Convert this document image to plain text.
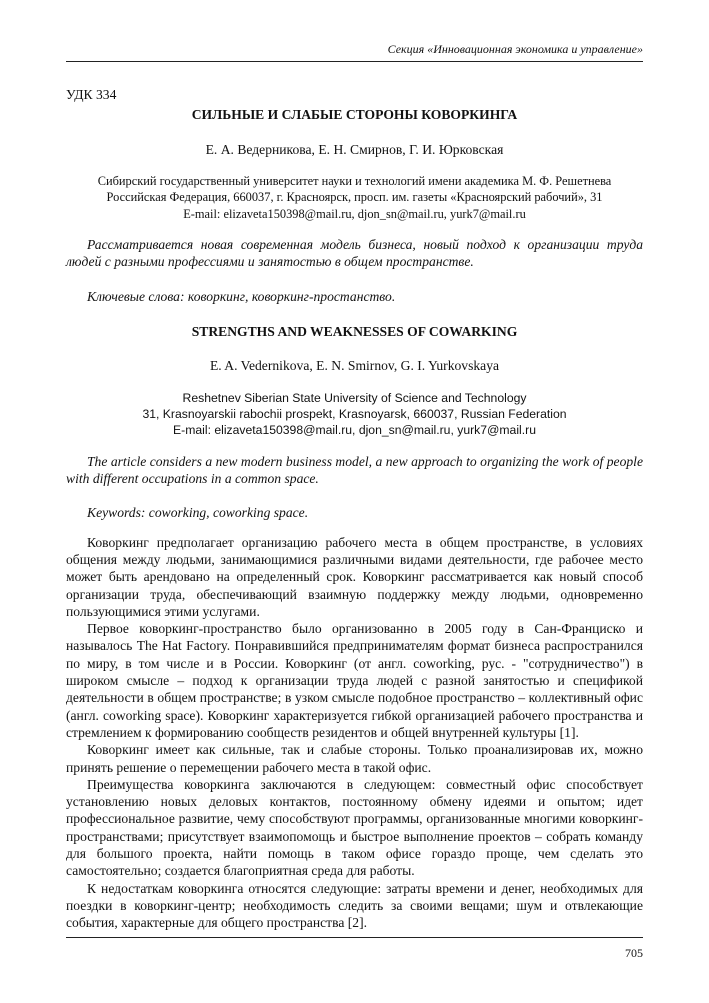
Секция «Инновационная экономика и управление»

УДК 334

СИЛЬНЫЕ И СЛАБЫЕ СТОРОНЫ КОВОРКИНГА

Е. А. Ведерникова, Е. Н. Смирнов, Г. И. Юрковская

Сибирский государственный университет науки и технологий имени академика М. Ф. Решетнева
Российская Федерация, 660037, г. Красноярск, просп. им. газеты «Красноярский рабочий», 31
E-mail: elizaveta150398@mail.ru, djon_sn@mail.ru, yurk7@mail.ru

Рассматривается новая современная модель бизнеса, новый подход к организации труда людей с разными профессиями и занятостью в общем пространстве.

Ключевые слова: коворкинг, коворкинг-простанство.

STRENGTHS AND WEAKNESSES OF COWARKING

E. A. Vedernikova, E. N. Smirnov, G. I. Yurkovskaya

Reshetnev Siberian State University of Science and Technology
31, Krasnoyarskii rabochii prospekt, Krasnoyarsk, 660037, Russian Federation
E-mail: elizaveta150398@mail.ru, djon_sn@mail.ru, yurk7@mail.ru

The article considers a new modern business model, a new approach to organizing the work of people with different occupations in a common space.

Keywords: coworking, coworking space.

Коворкинг предполагает организацию рабочего места в общем пространстве, в условиях общения между людьми, занимающимися различными видами деятельности, где рабочее место может быть арендовано на определенный срок. Коворкинг рассматривается как новый способ организации труда, обеспечивающий взаимную поддержку между людьми, одновременно пользующимися этими услугами.

Первое коворкинг-пространство было организованно в 2005 году в Сан-Франциско и называлось The Hat Factory. Понравившийся предпринимателям формат бизнеса распространился по миру, в том числе и в России. Коворкинг (от англ. coworking, рус. - "сотрудничество") в широком смысле – подход к организации труда людей с разной занятостью и спецификой деятельности в общем пространстве; в узком смысле подобное пространство – коллективный офис (англ. coworking space). Коворкинг характеризуется гибкой организацией рабочего пространства и стремлением к формированию сообществ резидентов и общей внутренней культуры [1].

Коворкинг имеет как сильные, так и слабые стороны. Только проанализировав их, можно принять решение о перемещении рабочего места в такой офис.

Преимущества коворкинга заключаются в следующем: совместный офис способствует установлению новых деловых контактов, постоянному обмену идеями и опытом; идет профессиональное развитие, чему способствуют программы, организованные многими коворкинг-пространствами; присутствует взаимопомощь и быстрое выполнение проектов – собрать команду для большого проекта, найти помощь в таком офисе гораздо проще, чем сделать это самостоятельно; создается благоприятная среда для работы.

К недостаткам коворкинга относятся следующие: затраты времени и денег, необходимых для поездки в коворкинг-центр; необходимость следить за своими вещами; шум и отвлекающие события, характерные для общего пространства [2].

705
